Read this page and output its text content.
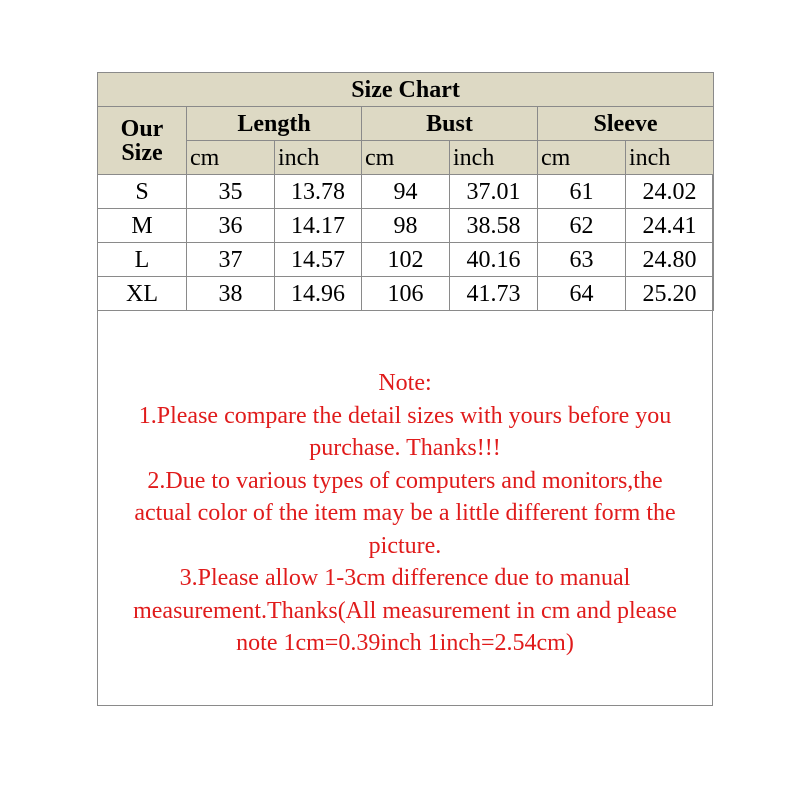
Size Chart						
Our
Size	Length		Bust		Sleeve	
	cm	inch	cm	inch	cm	inch
S	35	13.78	94	37.01	61	24.02
M	36	14.17	98	38.58	62	24.41
L	37	14.57	102	40.16	63	24.80
XL	38	14.96	106	41.73	64	25.20
Note:
1.Please compare the detail sizes with yours before you
purchase. Thanks!!!
2.Due to various types of computers and monitors,the
actual color of the item may be a little different form the
picture.
3.Please allow 1-3cm difference due to manual
measurement.Thanks(All measurement in cm and please
note 1cm=0.39inch 1inch=2.54cm)
